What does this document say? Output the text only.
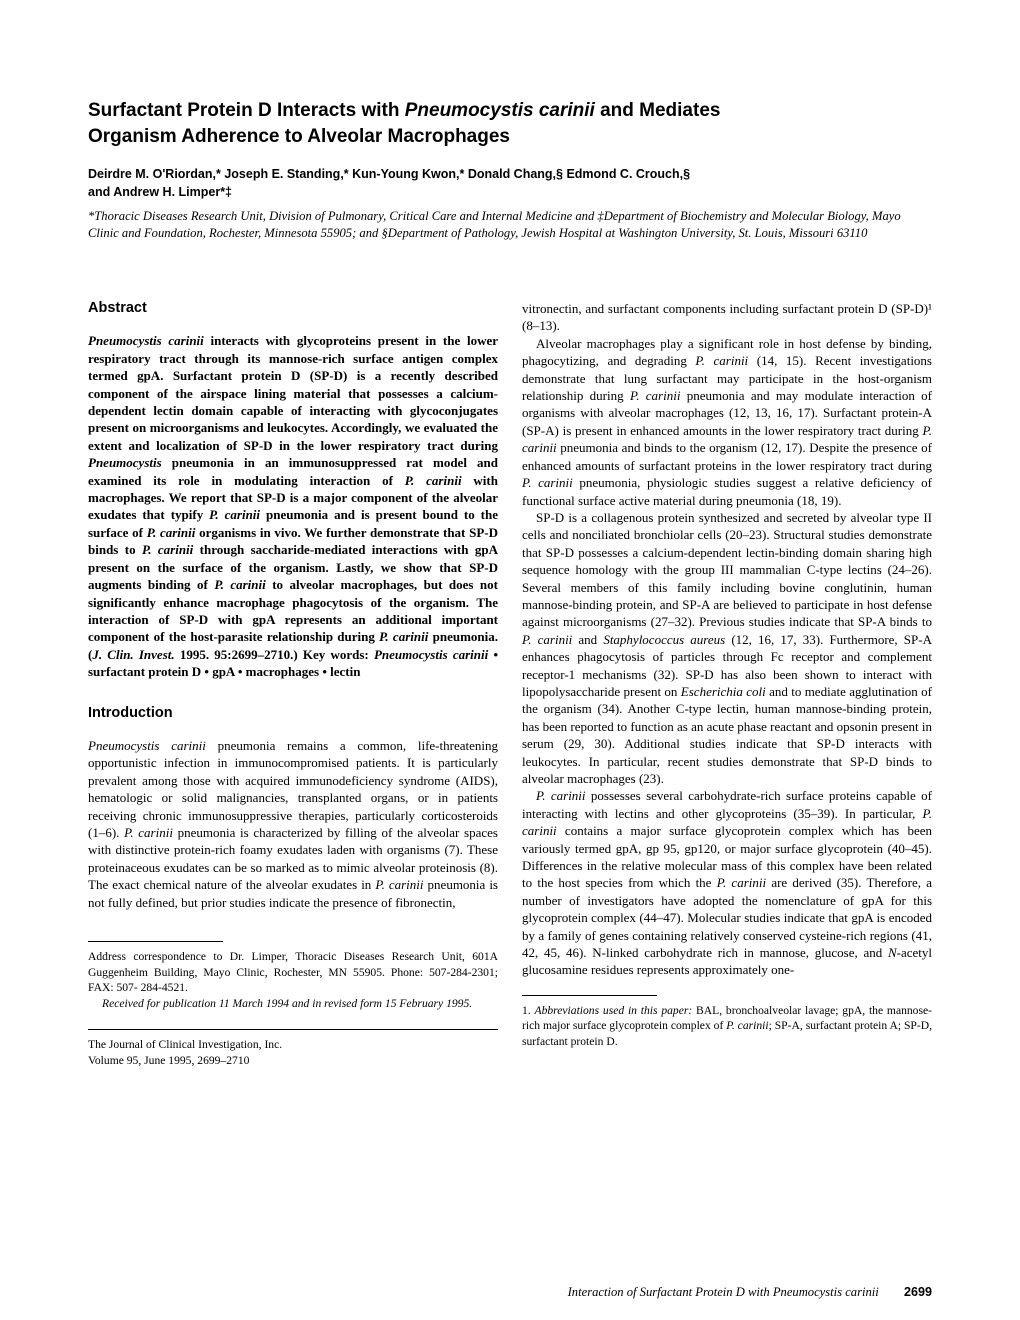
Surfactant Protein D Interacts with Pneumocystis carinii and Mediates
Organism Adherence to Alveolar Macrophages

Deirdre M. O'Riordan,* Joseph E. Standing,* Kun-Young Kwon,* Donald Chang,§ Edmond C. Crouch,§
and Andrew H. Limper*‡

*Thoracic Diseases Research Unit, Division of Pulmonary, Critical Care and Internal Medicine and ‡Department of Biochemistry and Molecular Biology, Mayo Clinic and Foundation, Rochester, Minnesota 55905; and §Department of Pathology, Jewish Hospital at Washington University, St. Louis, Missouri 63110

Abstract

Pneumocystis carinii interacts with glycoproteins present in the lower respiratory tract through its mannose-rich surface antigen complex termed gpA. Surfactant protein D (SP-D) is a recently described component of the airspace lining material that possesses a calcium-dependent lectin domain capable of interacting with glycoconjugates present on microorganisms and leukocytes. Accordingly, we evaluated the extent and localization of SP-D in the lower respiratory tract during Pneumocystis pneumonia in an immunosuppressed rat model and examined its role in modulating interaction of P. carinii with macrophages. We report that SP-D is a major component of the alveolar exudates that typify P. carinii pneumonia and is present bound to the surface of P. carinii organisms in vivo. We further demonstrate that SP-D binds to P. carinii through saccharide-mediated interactions with gpA present on the surface of the organism. Lastly, we show that SP-D augments binding of P. carinii to alveolar macrophages, but does not significantly enhance macrophage phagocytosis of the organism. The interaction of SP-D with gpA represents an additional important component of the host-parasite relationship during P. carinii pneumonia. (J. Clin. Invest. 1995. 95:2699–2710.) Key words: Pneumocystis carinii • surfactant protein D • gpA • macrophages • lectin

Introduction

Pneumocystis carinii pneumonia remains a common, life-threatening opportunistic infection in immunocompromised patients. It is particularly prevalent among those with acquired immunodeficiency syndrome (AIDS), hematologic or solid malignancies, transplanted organs, or in patients receiving chronic immunosuppressive therapies, particularly corticosteroids (1–6). P. carinii pneumonia is characterized by filling of the alveolar spaces with distinctive protein-rich foamy exudates laden with organisms (7). These proteinaceous exudates can be so marked as to mimic alveolar proteinosis (8). The exact chemical nature of the alveolar exudates in P. carinii pneumonia is not fully defined, but prior studies indicate the presence of fibronectin,

Address correspondence to Dr. Limper, Thoracic Diseases Research Unit, 601A Guggenheim Building, Mayo Clinic, Rochester, MN 55905. Phone: 507-284-2301; FAX: 507- 284-4521.

Received for publication 11 March 1994 and in revised form 15 February 1995.

The Journal of Clinical Investigation, Inc.

Volume 95, June 1995, 2699–2710

vitronectin, and surfactant components including surfactant protein D (SP-D)¹ (8–13).

Alveolar macrophages play a significant role in host defense by binding, phagocytizing, and degrading P. carinii (14, 15). Recent investigations demonstrate that lung surfactant may participate in the host-organism relationship during P. carinii pneumonia and may modulate interaction of organisms with alveolar macrophages (12, 13, 16, 17). Surfactant protein-A (SP-A) is present in enhanced amounts in the lower respiratory tract during P. carinii pneumonia and binds to the organism (12, 17). Despite the presence of enhanced amounts of surfactant proteins in the lower respiratory tract during P. carinii pneumonia, physiologic studies suggest a relative deficiency of functional surface active material during pneumonia (18, 19).

SP-D is a collagenous protein synthesized and secreted by alveolar type II cells and nonciliated bronchiolar cells (20–23). Structural studies demonstrate that SP-D possesses a calcium-dependent lectin-binding domain sharing high sequence homology with the group III mammalian C-type lectins (24–26). Several members of this family including bovine conglutinin, human mannose-binding protein, and SP-A are believed to participate in host defense against microorganisms (27–32). Previous studies indicate that SP-A binds to P. carinii and Staphylococcus aureus (12, 16, 17, 33). Furthermore, SP-A enhances phagocytosis of particles through Fc receptor and complement receptor-1 mechanisms (32). SP-D has also been shown to interact with lipopolysaccharide present on Escherichia coli and to mediate agglutination of the organism (34). Another C-type lectin, human mannose-binding protein, has been reported to function as an acute phase reactant and opsonin present in serum (29, 30). Additional studies indicate that SP-D interacts with leukocytes. In particular, recent studies demonstrate that SP-D binds to alveolar macrophages (23).

P. carinii possesses several carbohydrate-rich surface proteins capable of interacting with lectins and other glycoproteins (35–39). In particular, P. carinii contains a major surface glycoprotein complex which has been variously termed gpA, gp 95, gp120, or major surface glycoprotein (40–45). Differences in the relative molecular mass of this complex have been related to the host species from which the P. carinii are derived (35). Therefore, a number of investigators have adopted the nomenclature of gpA for this glycoprotein complex (44–47). Molecular studies indicate that gpA is encoded by a family of genes containing relatively conserved cysteine-rich regions (41, 42, 45, 46). N-linked carbohydrate rich in mannose, glucose, and N-acetyl glucosamine residues represents approximately one-

1. Abbreviations used in this paper: BAL, bronchoalveolar lavage; gpA, the mannose-rich major surface glycoprotein complex of P. carinii; SP-A, surfactant protein A; SP-D, surfactant protein D.

Interaction of Surfactant Protein D with Pneumocystis carinii 2699
